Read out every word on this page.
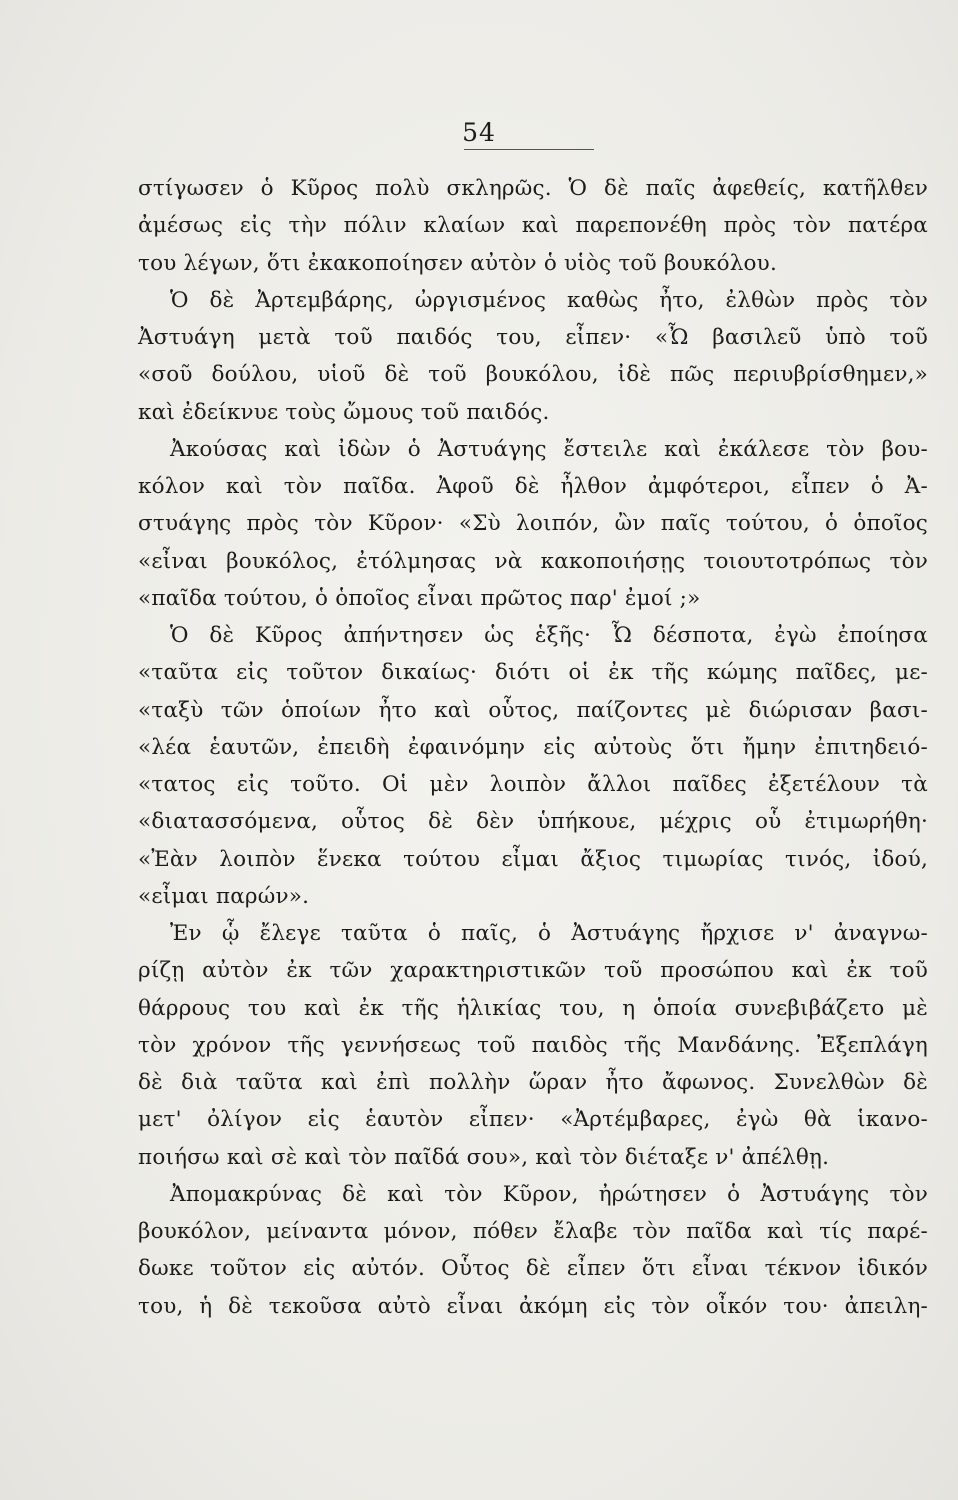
54
στίγωσεν ὁ Κῦρος πολὺ σκληρῶς. Ὁ δὲ παῖς ἀφεθείς, κατῆλθεν
ἀμέσως εἰς τὴν πόλιν κλαίων καὶ παρεπονέθη πρὸς τὸν πατέρα
του λέγων, ὅτι ἐκακοποίησεν αὐτὸν ὁ υἱὸς τοῦ βουκόλου.
Ὁ δὲ Ἀρτεμβάρης, ὠργισμένος καθὼς ἦτο, ἐλθὼν πρὸς τὸν
Ἀστυάγη μετὰ τοῦ παιδός του, εἶπεν· «Ὦ βασιλεῦ ὑπὸ τοῦ
«σοῦ δούλου, υἱοῦ δὲ τοῦ βουκόλου, ἰδὲ πῶς περιυβρίσθημεν,»
καὶ ἐδείκνυε τοὺς ὤμους τοῦ παιδός.
Ἀκούσας καὶ ἰδὼν ὁ Ἀστυάγης ἔστειλε καὶ ἐκάλεσε τὸν βου-
κόλον καὶ τὸν παῖδα. Ἀφοῦ δὲ ἦλθον ἀμφότεροι, εἶπεν ὁ Ἀ-
στυάγης πρὸς τὸν Κῦρον· «Σὺ λοιπόν, ὢν παῖς τούτου, ὁ ὁποῖος
«εἶναι βουκόλος, ἐτόλμησας νὰ κακοποιήσῃς τοιουτοτρόπως τὸν
«παῖδα τούτου, ὁ ὁποῖος εἶναι πρῶτος παρ' ἐμοί ;»
Ὁ δὲ Κῦρος ἀπήντησεν ὡς ἑξῆς· Ὦ δέσποτα, ἐγὼ ἐποίησα
«ταῦτα εἰς τοῦτον δικαίως· διότι οἱ ἐκ τῆς κώμης παῖδες, με-
«ταξὺ τῶν ὁποίων ἦτο καὶ οὗτος, παίζοντες μὲ διώρισαν βασι-
«λέα ἑαυτῶν, ἐπειδὴ ἐφαινόμην εἰς αὐτοὺς ὅτι ἤμην ἐπιτηδειό-
«τατος εἰς τοῦτο. Οἱ μὲν λοιπὸν ἄλλοι παῖδες ἐξετέλουν τὰ
«διατασσόμενα, οὗτος δὲ δὲν ὑπήκουε, μέχρις οὗ ἐτιμωρήθη·
«Ἐὰν λοιπὸν ἕνεκα τούτου εἶμαι ἄξιος τιμωρίας τινός, ἰδού,
«εἶμαι παρών».
Ἐν ᾧ ἔλεγε ταῦτα ὁ παῖς, ὁ Ἀστυάγης ἤρχισε ν' ἀναγνω-
ρίζῃ αὐτὸν ἐκ τῶν χαρακτηριστικῶν τοῦ προσώπου καὶ ἐκ τοῦ
θάρρους του καὶ ἐκ τῆς ἡλικίας του, η ὁποία συνεβιβάζετο μὲ
τὸν χρόνον τῆς γεννήσεως τοῦ παιδὸς τῆς Μανδάνης. Ἐξεπλάγη
δὲ διὰ ταῦτα καὶ ἐπὶ πολλὴν ὥραν ἦτο ἄφωνος. Συνελθὼν δὲ
μετ' ὀλίγον εἰς ἑαυτὸν εἶπεν· «Ἀρτέμβαρες, ἐγὼ θὰ ἱκανο-
ποιήσω καὶ σὲ καὶ τὸν παῖδά σου», καὶ τὸν διέταξε ν' ἀπέλθῃ.
Ἀπομακρύνας δὲ καὶ τὸν Κῦρον, ἠρώτησεν ὁ Ἀστυάγης τὸν
βουκόλον, μείναντα μόνον, πόθεν ἔλαβε τὸν παῖδα καὶ τίς παρέ-
δωκε τοῦτον εἰς αὐτόν. Οὗτος δὲ εἶπεν ὅτι εἶναι τέκνον ἰδικόν
του, ἡ δὲ τεκοῦσα αὐτὸ εἶναι ἀκόμη εἰς τὸν οἶκόν του· ἀπειλη-
